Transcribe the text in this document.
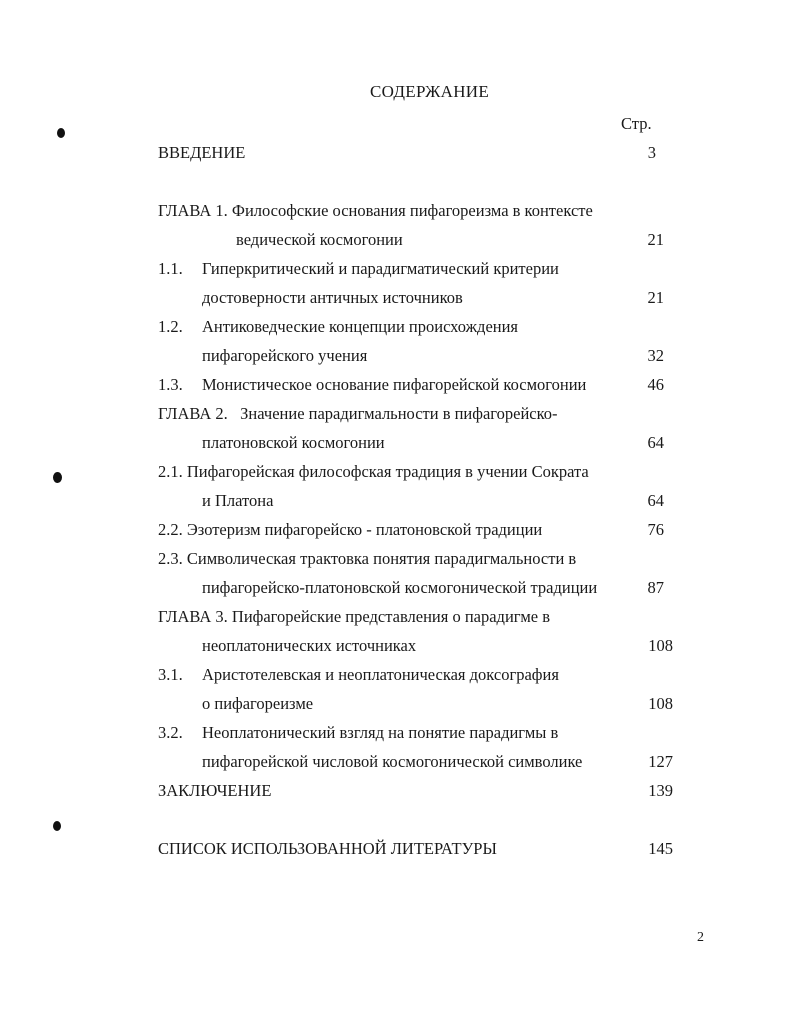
СОДЕРЖАНИЕ
Стр.
ВВЕДЕНИЕ	3
ГЛАВА 1. Философские основания пифагореизма в контексте
ведической космогонии	21
1.1. Гиперкритический и парадигматический критерии
достоверности античных источников	21
1.2. Антиковедческие концепции происхождения
пифагорейского учения	32
1.3. Монистическое основание пифагорейской космогонии	46
ГЛАВА 2.   Значение парадигмальности в пифагорейско-
платоновской космогонии	64
2.1. Пифагорейская философская традиция в учении Сократа
и Платона	64
2.2. Эзотеризм пифагорейско - платоновской традиции	76
2.3. Символическая трактовка понятия парадигмальности в
пифагорейско-платоновской космогонической традиции	87
ГЛАВА 3. Пифагорейские представления о парадигме в
неоплатонических источниках	108
3.1. Аристотелевская и неоплатоническая доксография
о пифагореизме	108
3.2. Неоплатонический взгляд на понятие парадигмы в
пифагорейской числовой космогонической символике	127
ЗАКЛЮЧЕНИЕ	139
СПИСОК ИСПОЛЬЗОВАННОЙ ЛИТЕРАТУРЫ	145
2
